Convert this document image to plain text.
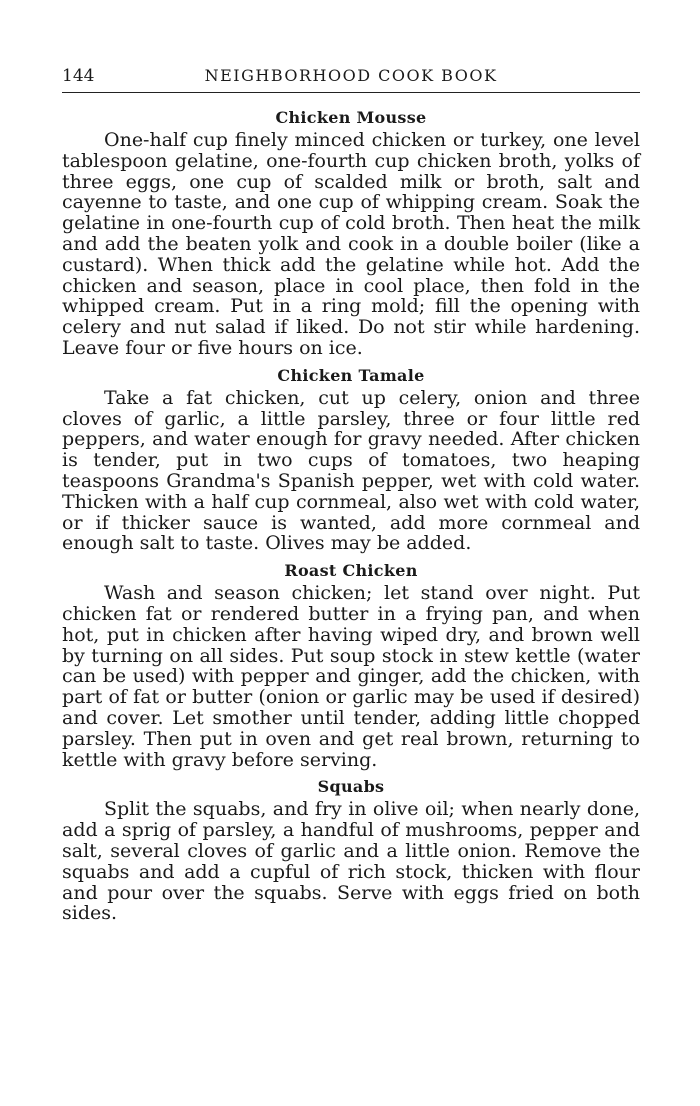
144	NEIGHBORHOOD COOK BOOK
Chicken Mousse

One-half cup finely minced chicken or turkey, one level tablespoon gelatine, one-fourth cup chicken broth, yolks of three eggs, one cup of scalded milk or broth, salt and cayenne to taste, and one cup of whipping cream. Soak the gelatine in one-fourth cup of cold broth. Then heat the milk and add the beaten yolk and cook in a double boiler (like a custard). When thick add the gelatine while hot. Add the chicken and season, place in cool place, then fold in the whipped cream. Put in a ring mold; fill the opening with celery and nut salad if liked. Do not stir while hardening. Leave four or five hours on ice.

Chicken Tamale

Take a fat chicken, cut up celery, onion and three cloves of garlic, a little parsley, three or four little red peppers, and water enough for gravy needed. After chicken is tender, put in two cups of tomatoes, two heaping teaspoons Grandma's Spanish pepper, wet with cold water. Thicken with a half cup cornmeal, also wet with cold water, or if thicker sauce is wanted, add more cornmeal and enough salt to taste. Olives may be added.

Roast Chicken

Wash and season chicken; let stand over night. Put chicken fat or rendered butter in a frying pan, and when hot, put in chicken after having wiped dry, and brown well by turning on all sides. Put soup stock in stew kettle (water can be used) with pepper and ginger, add the chicken, with part of fat or butter (onion or garlic may be used if desired) and cover. Let smother until tender, adding little chopped parsley. Then put in oven and get real brown, returning to kettle with gravy before serving.

Squabs

Split the squabs, and fry in olive oil; when nearly done, add a sprig of parsley, a handful of mushrooms, pepper and salt, several cloves of garlic and a little onion. Remove the squabs and add a cupful of rich stock, thicken with flour and pour over the squabs. Serve with eggs fried on both sides.
